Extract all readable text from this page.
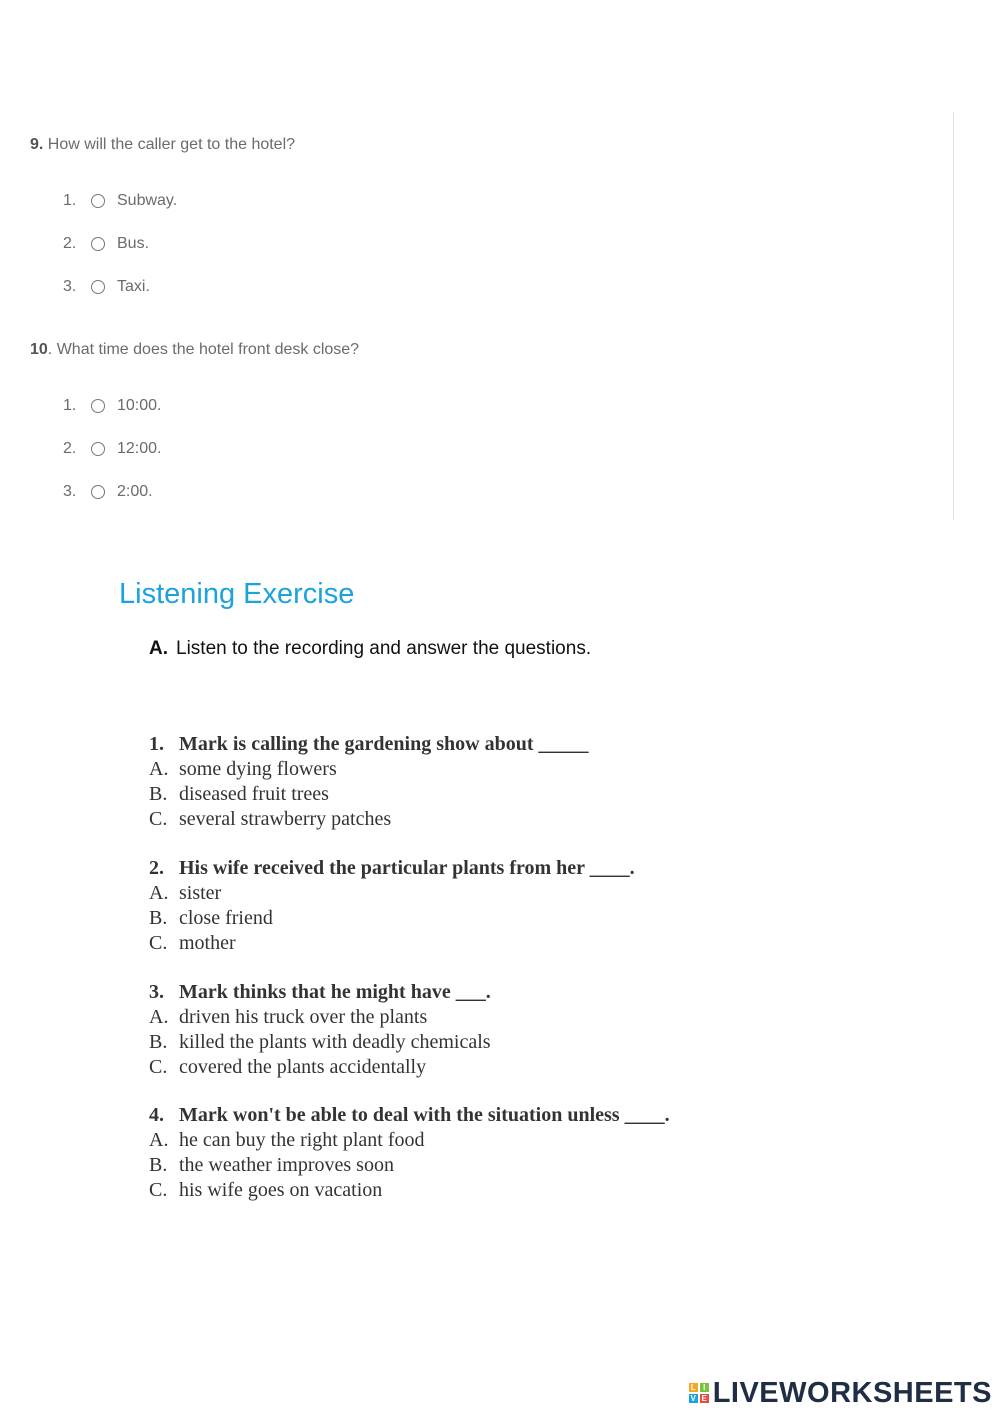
9. How will the caller get to the hotel?

1.	Subway.
2.	Bus.
3.	Taxi.

10. What time does the hotel front desk close?

1.	10:00.
2.	12:00.
3.	2:00.
Listening Exercise
A. Listen to the recording and answer the questions.
1. Mark is calling the gardening show about _____
A. some dying flowers
B. diseased fruit trees
C. several strawberry patches
2. His wife received the particular plants from her ____.
A. sister
B. close friend
C. mother
3. Mark thinks that he might have ___.
A. driven his truck over the plants
B. killed the plants with deadly chemicals
C. covered the plants accidentally
4. Mark won't be able to deal with the situation unless ____.
A. he can buy the right plant food
B. the weather improves soon
C. his wife goes on vacation
L I
V E LIVEWORKSHEETS
